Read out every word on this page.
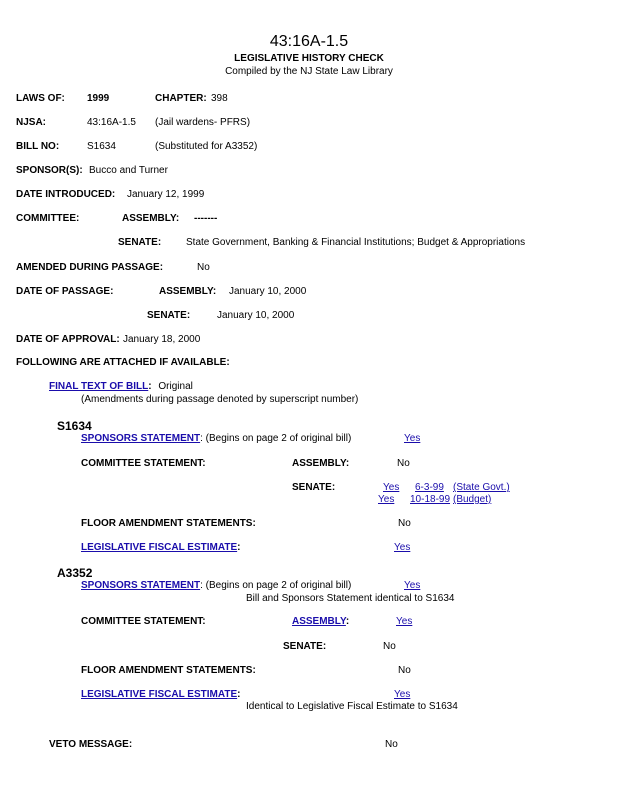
43:16A-1.5
LEGISLATIVE HISTORY CHECK
Compiled by the NJ State Law Library
LAWS OF: 1999	CHAPTER: 398
NJSA:	43:16A-1.5 (Jail wardens- PFRS)
BILL NO:	S1634	(Substituted for A3352)
SPONSOR(S): Bucco and Turner
DATE INTRODUCED: January 12, 1999
COMMITTEE:	ASSEMBLY: -------
SENATE: State Government, Banking & Financial Institutions; Budget & Appropriations
AMENDED DURING PASSAGE:	No
DATE OF PASSAGE:	ASSEMBLY: January 10, 2000
SENATE:	January 10, 2000
DATE OF APPROVAL: January 18, 2000
FOLLOWING ARE ATTACHED IF AVAILABLE:
FINAL TEXT OF BILL: Original
(Amendments during passage denoted by superscript number)
S1634
SPONSORS STATEMENT: (Begins on page 2 of original bill)	Yes
COMMITTEE STATEMENT:	ASSEMBLY:	No
SENATE:	Yes 6-3-99 (State Govt.)
Yes 10-18-99 (Budget)
FLOOR AMENDMENT STATEMENTS:	No
LEGISLATIVE FISCAL ESTIMATE:	Yes
A3352
SPONSORS STATEMENT: (Begins on page 2 of original bill)	Yes
Bill and Sponsors Statement identical to S1634
COMMITTEE STATEMENT:	ASSEMBLY:	Yes
SENATE:	No
FLOOR AMENDMENT STATEMENTS:	No
LEGISLATIVE FISCAL ESTIMATE:	Yes
Identical to Legislative Fiscal Estimate to S1634
VETO MESSAGE:	No
